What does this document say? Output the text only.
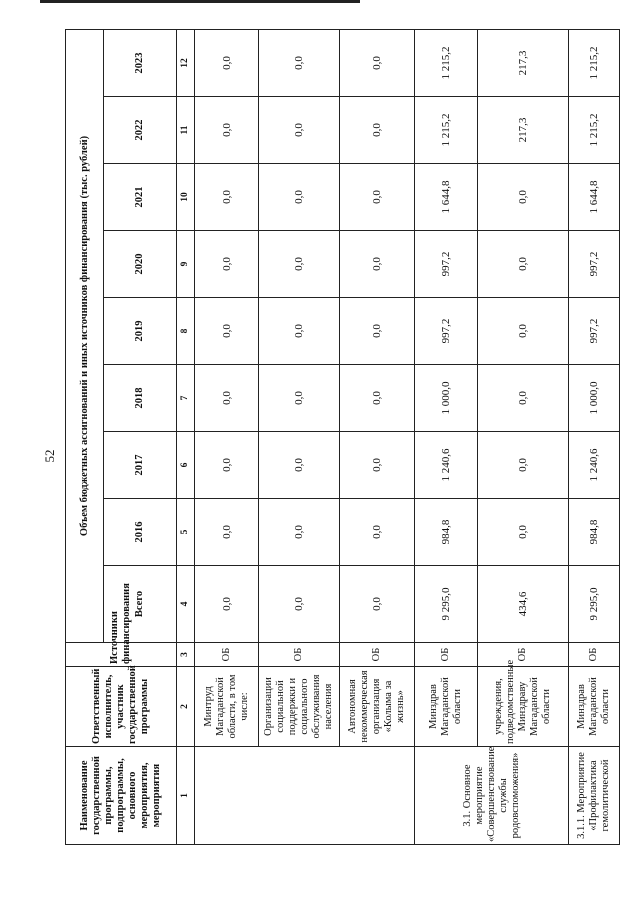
52
Наименование государственной программы, подпрограммы, основного мероприятия, мероприятия	Ответственный исполнитель, участник государственной программы	Источники финансирования	Объем бюджетных ассигнований и иных источников финансирования (тыс. рублей)								
			Всего	2016	2017	2018	2019	2020	2021	2022	2023
1	2	3	4	5	6	7	8	9	10	11	12
	Минтруд Магаданской области, в том числе:	ОБ	0,0	0,0	0,0	0,0	0,0	0,0	0,0	0,0	0,0
	Организации социальной поддержки и социального обслуживания населения	ОБ	0,0	0,0	0,0	0,0	0,0	0,0	0,0	0,0	0,0
	Автономная некоммерческая организация «Колыма за жизнь»	ОБ	0,0	0,0	0,0	0,0	0,0	0,0	0,0	0,0	0,0
3.1. Основное мероприятие «Совершенствование службы родовспоможения»	Минздрав Магаданской области	ОБ	9 295,0	984,8	1 240,6	1 000,0	997,2	997,2	1 644,8	1 215,2	1 215,2
	учреждения, подведомственные Минздраву Магаданской области	ОБ	434,6	0,0	0,0	0,0	0,0	0,0	0,0	217,3	217,3
3.1.1. Мероприятие «Профилактика гемолитической	Минздрав Магаданской области	ОБ	9 295,0	984,8	1 240,6	1 000,0	997,2	997,2	1 644,8	1 215,2	1 215,2
